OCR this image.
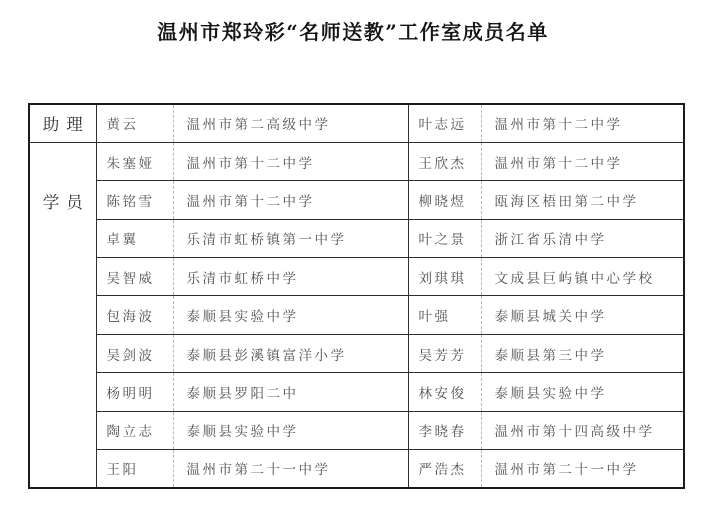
温州市郑玲彩“名师送教”工作室成员名单
助理	黄云	温州市第二高级中学	叶志远	温州市第十二中学
学员	朱塞娅	温州市第十二中学	王欣杰	温州市第十二中学
	陈铭雪	温州市第十二中学	柳晓煜	瓯海区梧田第二中学
	卓翼	乐清市虹桥镇第一中学	叶之景	浙江省乐清中学
	吴智威	乐清市虹桥中学	刘琪琪	文成县巨屿镇中心学校
	包海波	泰顺县实验中学	叶强	泰顺县城关中学
	吴剑波	泰顺县彭溪镇富洋小学	吴芳芳	泰顺县第三中学
	杨明明	泰顺县罗阳二中	林安俊	泰顺县实验中学
	陶立志	泰顺县实验中学	李晓春	温州市第十四高级中学
	王阳	温州市第二十一中学	严浩杰	温州市第二十一中学
